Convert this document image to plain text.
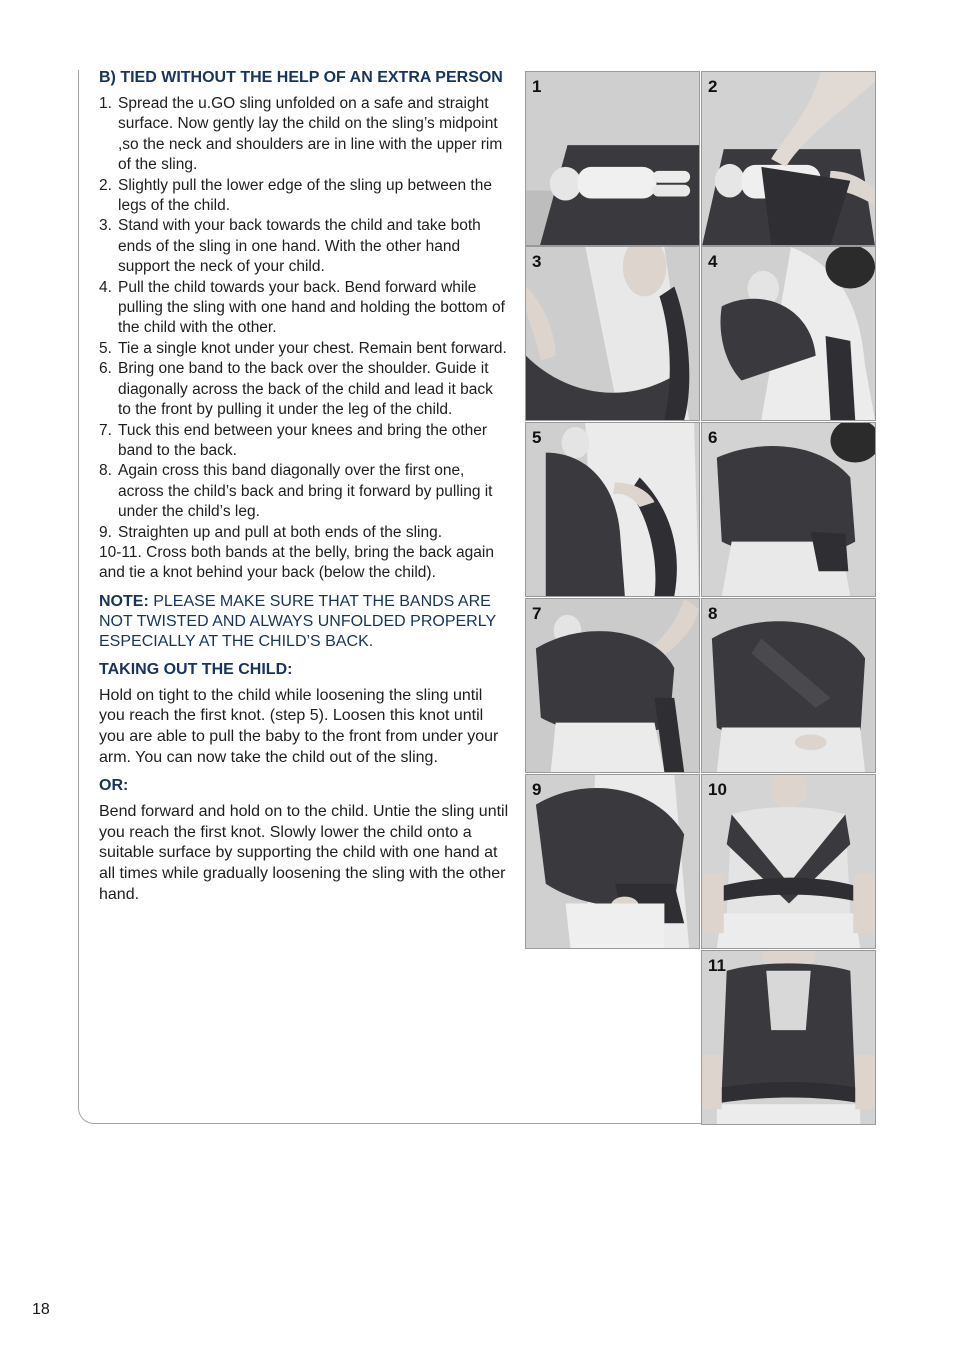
B) TIED WITHOUT THE HELP OF AN EXTRA PERSON
1. Spread the u.GO sling unfolded on a safe and straight surface. Now gently lay the child on the sling’s midpoint ,so the neck and shoulders are in line with the upper rim of the sling.
2. Slightly pull the lower edge of the sling up between the legs of the child.
3. Stand with your back towards the child and take both ends of the sling in one hand. With the other hand support the neck of your child.
4. Pull the child towards your back. Bend forward while pulling the sling with one hand and holding the bottom of the child with the other.
5. Tie a single knot under your chest. Remain bent forward.
6. Bring one band to the back over the shoulder. Guide it diagonally across the back of the child and lead it back to the front by pulling it under the leg of the child.
7. Tuck this end between your knees and bring the other band to the back.
8. Again cross this band diagonally over the first one, across the child’s back and bring it forward by pulling it under the child’s leg.
9. Straighten up and pull at both ends of the sling.
10-11. Cross both bands at the belly, bring the back again and tie a knot behind your back (below the child).

NOTE: PLEASE MAKE SURE THAT THE BANDS ARE NOT TWISTED AND ALWAYS UNFOLDED PROPERLY ESPECIALLY AT THE CHILD’S BACK.

TAKING OUT THE CHILD:

Hold on tight to the child while loosening the sling until you reach the first knot. (step 5). Loosen this knot until you are able to pull the baby to the front from under your arm. You can now take the child out of the sling.

OR:

Bend forward and hold on to the child. Untie the sling until you reach the first knot. Slowly lower the child onto a suitable surface by supporting the child with one hand at all times while gradually loosening the sling with the other hand.

1	2
3	4
5	6
7	8
9	10
11
18
